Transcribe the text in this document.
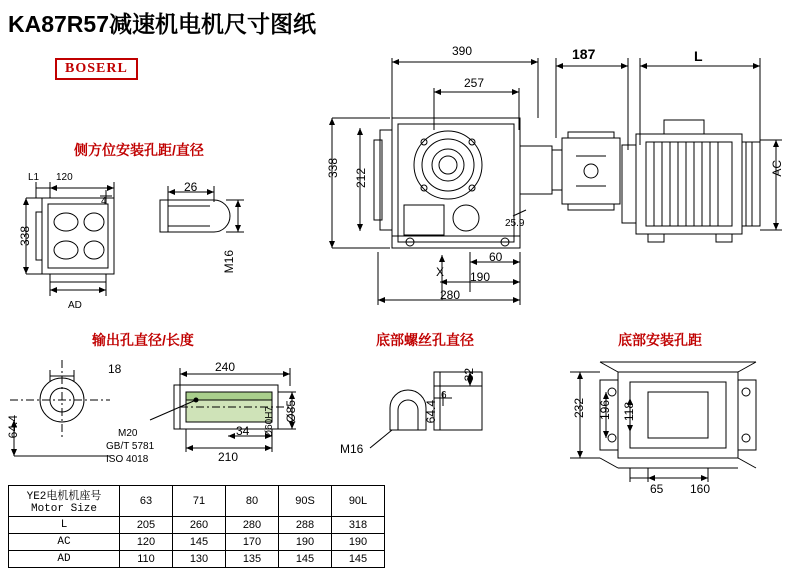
KA87R57减速机电机尺寸图纸
BOSERL
390
257
187	L
338 212
25.9
AC
X
60
190
280
侧方位安装孔距/直径
L1 120
4
26
338
AD
M16
输出孔直径/长度
18
64.4
240
210
34
Ø85
Ø60H7
M20
GB/T 5781
ISO 4018
底部螺丝孔直径
32
6
64.4
M16
底部安装孔距
232 196 118
65 160
YE2电机机座号
Motor Size	63	71	80	90S	90L
L	205	260	280	288	318
AC	120	145	170	190	190
AD	110	130	135	145	145
